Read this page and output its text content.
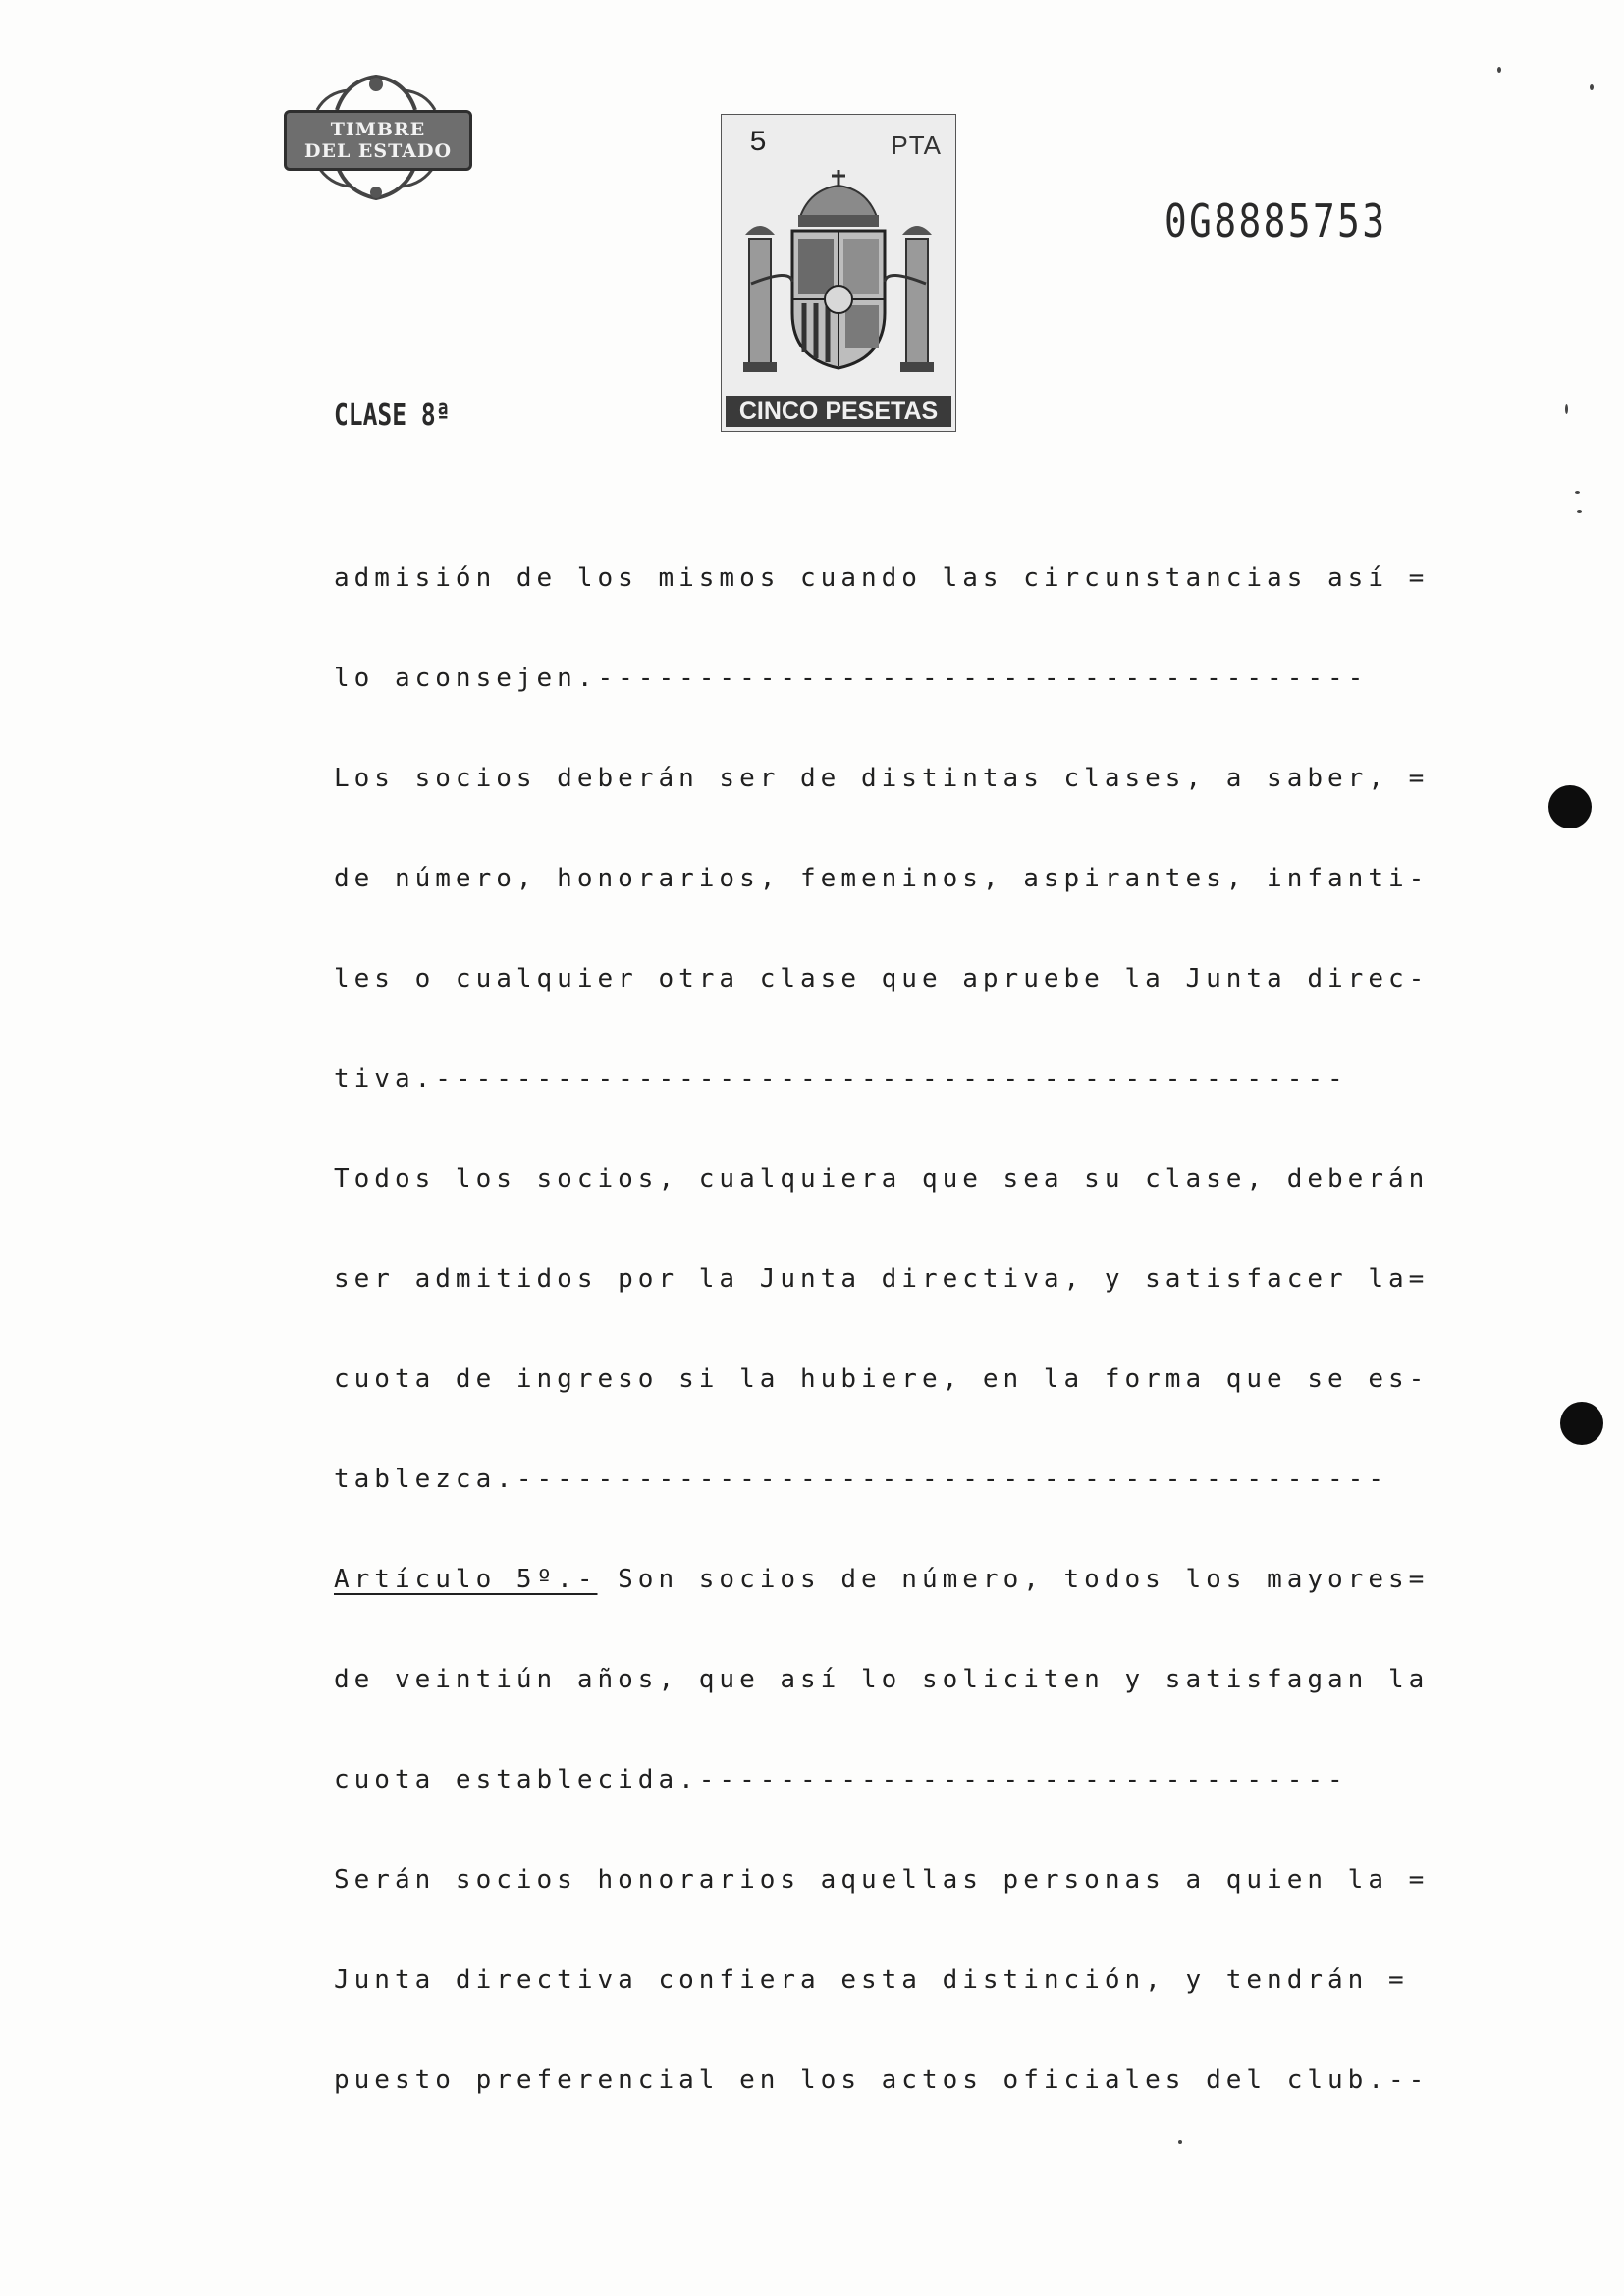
TIMBRE
DEL ESTADO	5	PTA
CINCO PESETAS
0G8885753
CLASE 8ª
admisión de los mismos cuando las circunstancias así =
lo aconsejen.--------------------------------------
Los socios deberán ser de distintas clases, a saber, =
de número, honorarios, femeninos, aspirantes, infanti-
les o cualquier otra clase que apruebe la Junta direc-
tiva.---------------------------------------------
Todos los socios, cualquiera que sea su clase, deberán
ser admitidos por la Junta directiva, y satisfacer la=
cuota de ingreso si la hubiere, en la forma que se es-
tablezca.-------------------------------------------
Artículo 5º.- Son socios de número, todos los mayores=
de veintiún años, que así lo soliciten y satisfagan la
cuota establecida.--------------------------------
Serán socios honorarios aquellas personas a quien la =
Junta directiva confiera esta distinción, y tendrán =
puesto preferencial en los actos oficiales del club.--
